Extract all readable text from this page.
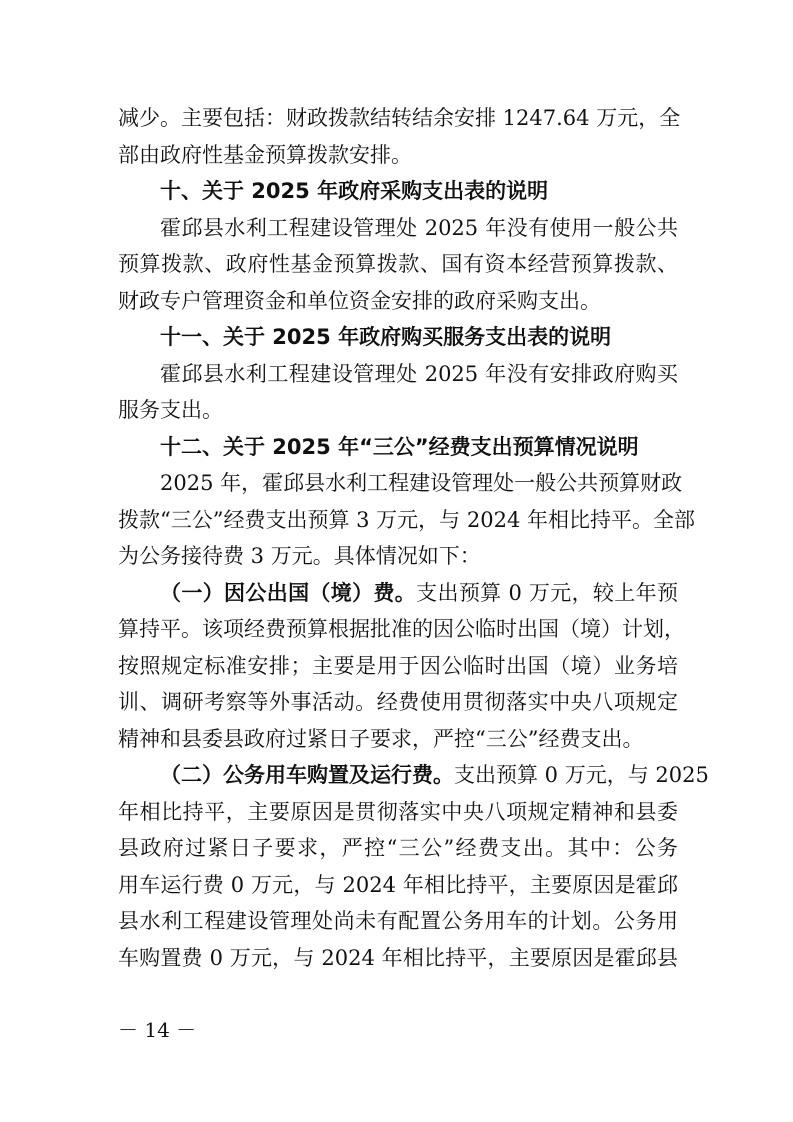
减少。主要包括：财政拨款结转结余安排 1247.64 万元，全
部由政府性基金预算拨款安排。
十、关于 2025 年政府采购支出表的说明
霍邱县水利工程建设管理处 2025 年没有使用一般公共
预算拨款、政府性基金预算拨款、国有资本经营预算拨款、
财政专户管理资金和单位资金安排的政府采购支出。
十一、关于 2025 年政府购买服务支出表的说明
霍邱县水利工程建设管理处 2025 年没有安排政府购买
服务支出。
十二、关于 2025 年“三公”经费支出预算情况说明
2025 年，霍邱县水利工程建设管理处一般公共预算财政
拨款“三公”经费支出预算 3 万元，与 2024 年相比持平。全部
为公务接待费 3 万元。具体情况如下：
（一）因公出国（境）费。支出预算 0 万元，较上年预
算持平。该项经费预算根据批准的因公临时出国（境）计划，
按照规定标准安排；主要是用于因公临时出国（境）业务培
训、调研考察等外事活动。经费使用贯彻落实中央八项规定
精神和县委县政府过紧日子要求，严控“三公”经费支出。
（二）公务用车购置及运行费。支出预算 0 万元，与 2025
年相比持平，主要原因是贯彻落实中央八项规定精神和县委
县政府过紧日子要求，严控“三公”经费支出。其中：公务
用车运行费 0 万元，与 2024 年相比持平，主要原因是霍邱
县水利工程建设管理处尚未有配置公务用车的计划。公务用
车购置费 0 万元，与 2024 年相比持平，主要原因是霍邱县
－ 14 －
